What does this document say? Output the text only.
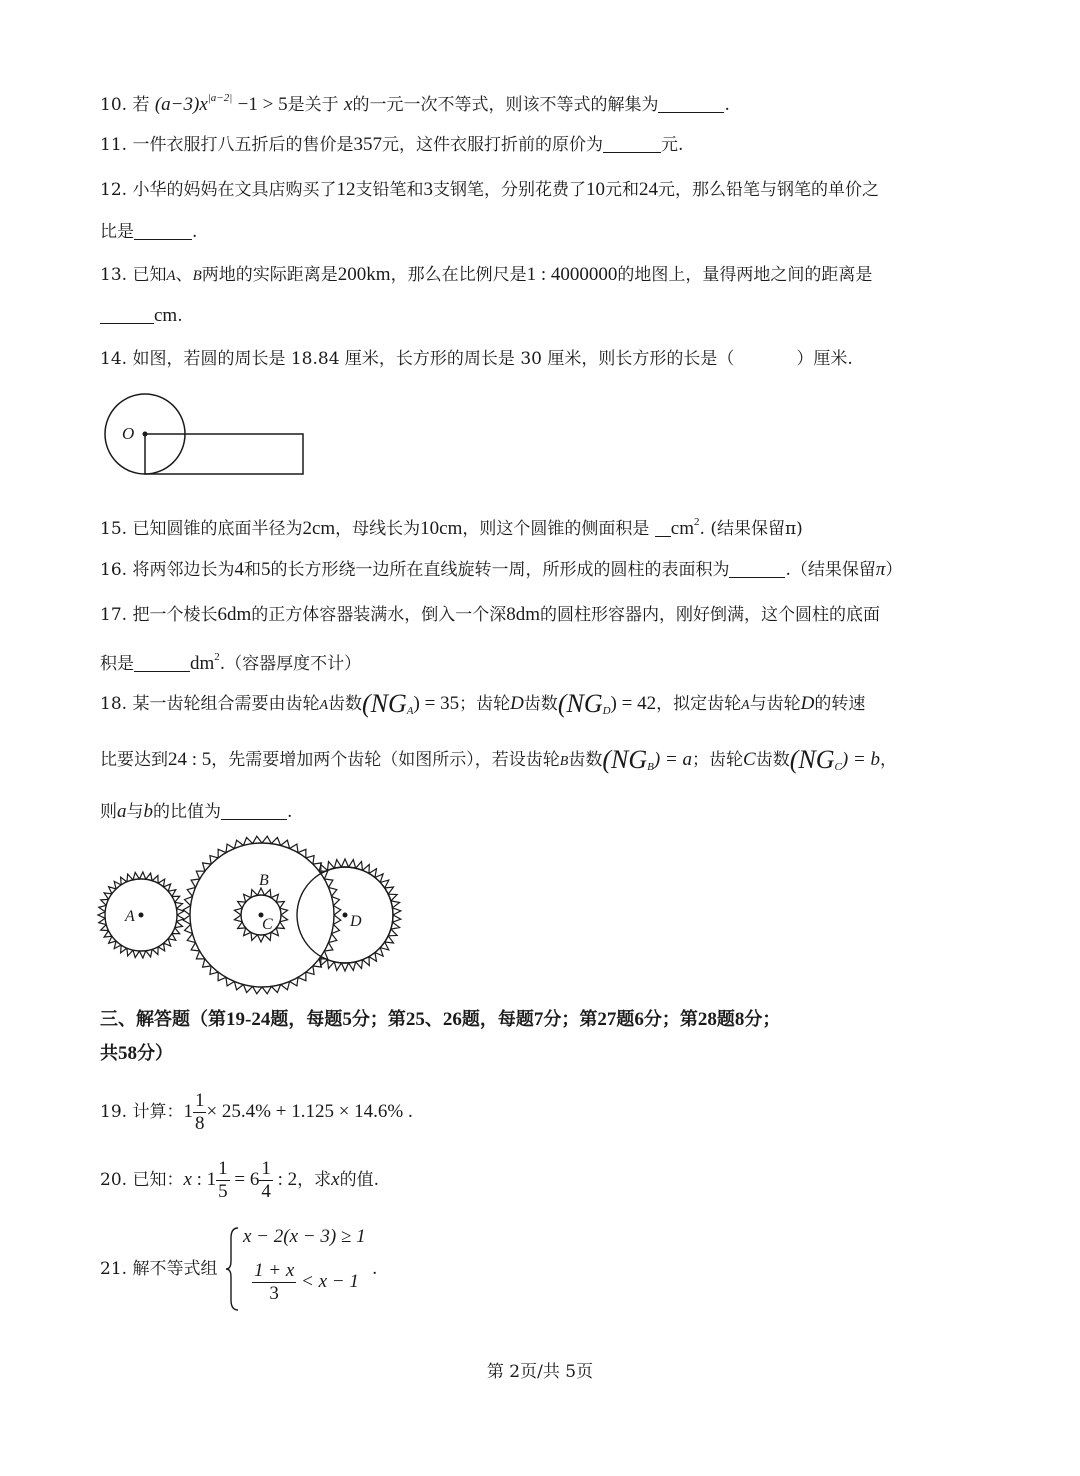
10. 若 $(a-3)x^{|a-2|} -1 > 5$是关于 x的一元一次不等式，则该不等式的解集为	.
11. 一件衣服打八五折后的售价是357元，这件衣服打折前的原价为	元.
12. 小华的妈妈在文具店购买了12支铅笔和3支钢笔，分别花费了10元和24元，那么铅笔与钢笔的单价之
比是	.
13. 已知A、B两地的实际距离是200km，那么在比例尺是1 : 4000000的地图上，量得两地之间的距离是
cm.
14. 如图，若圆的周长是 18.84 厘米，长方形的周长是 30 厘米，则长方形的长是（	）厘米.
O
15. 已知圆锥的底面半径为2cm，母线长为10cm，则这个圆锥的侧面积是 $cm^2$. (结果保留π)
16. 将两邻边长为4和5的长方形绕一边所在直线旋转一周，所形成的圆柱的表面积为	.（结果保留π）
17. 把一个棱长6dm的正方体容器装满水，倒入一个深8dm的圆柱形容器内，刚好倒满，这个圆柱的底面
积是	$dm^2$.（容器厚度不计）
18. 某一齿轮组合需要由齿轮A齿数$(NG_A) = 35$；齿轮D齿数$(NG_D) = 42$，拟定齿轮A与齿轮D的转速
比要达到24 : 5，先需要增加两个齿轮（如图所示），若设齿轮B齿数$(NG_B) = a$；齿轮C齿数$(NG_C) = b$，
则a与b的比值为	.
A
B
C	D
三、解答题（第19-24题，每题5分；第25、26题，每题7分；第27题6分；第28题8分；
共58分）
19. 计算：$1 \frac{1}{8} \times 25.4\% + 1.125 \times 14.6\%$ .
20. 已知：x : $1 \frac{1}{5} = 6 \frac{1}{4}$ : 2，求x的值.
21. 解不等式组
x − 2(x − 3) ≥ 1
$\frac{1 + x}{3} < x - 1$
.
第 2页/共 5页
